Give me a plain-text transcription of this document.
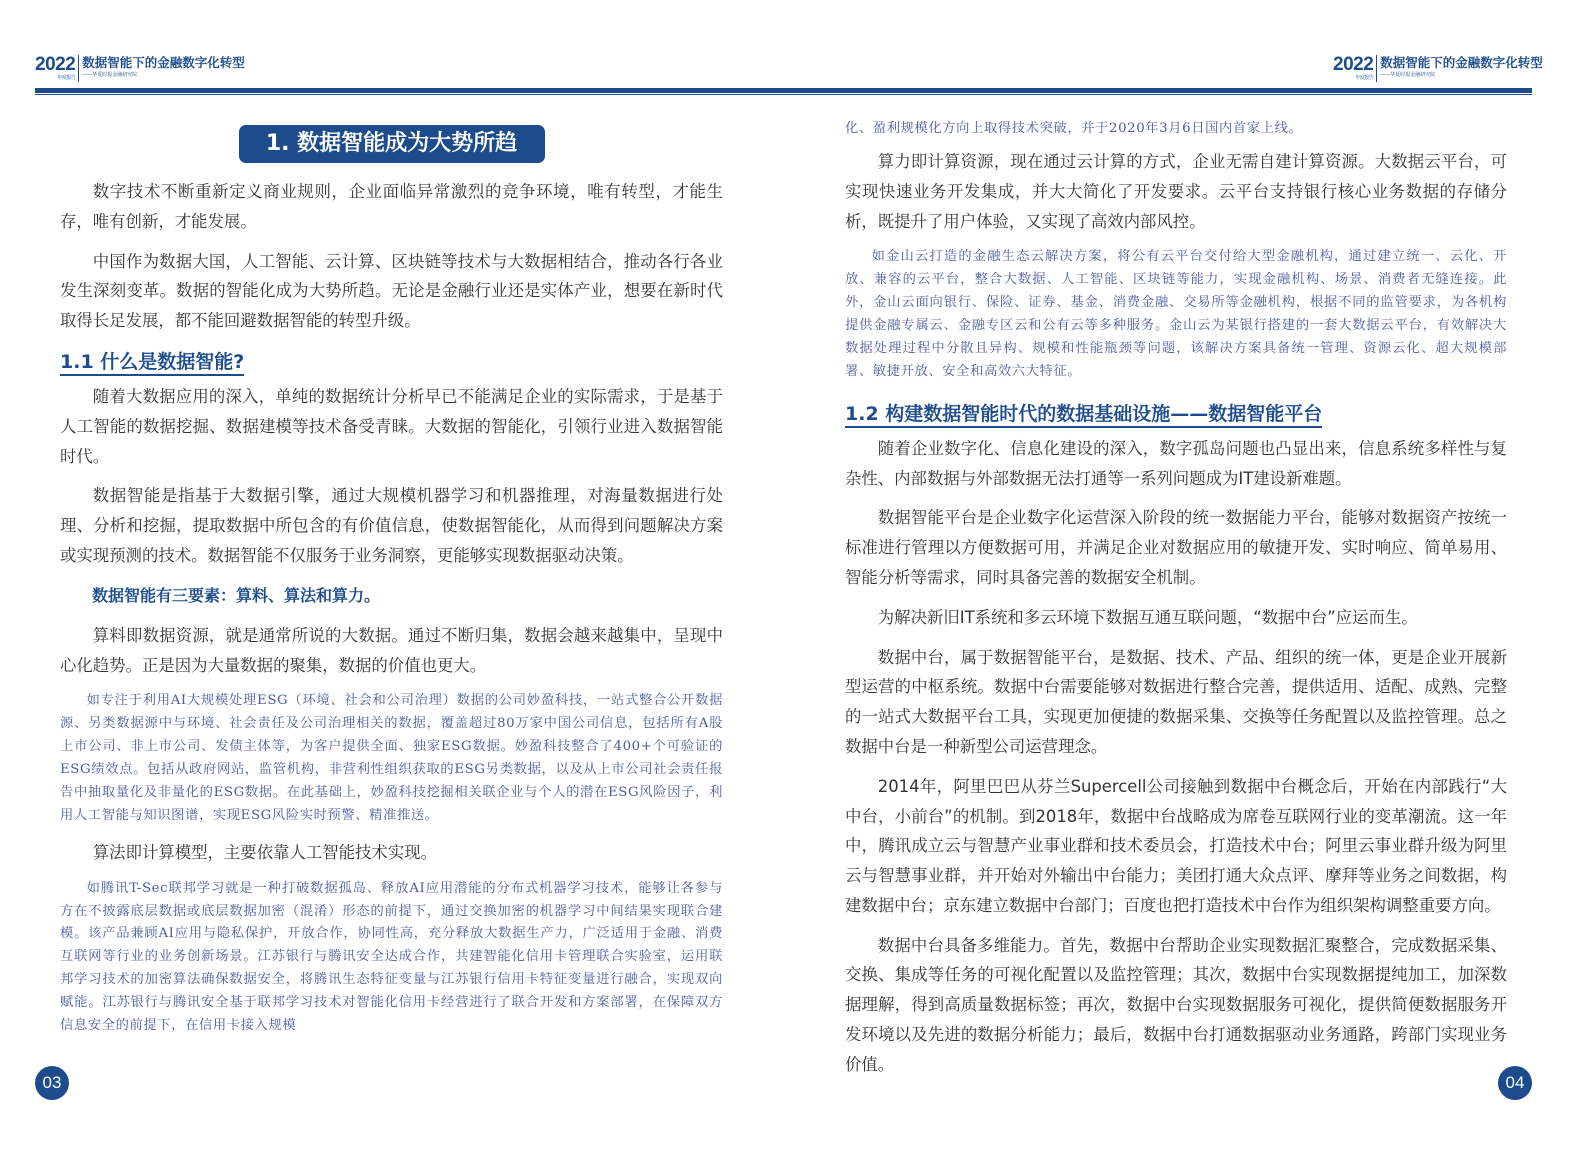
2022
年度报告
数据智能下的金融数字化转型
——华夏时报金融研究院	2022
年度报告
数据智能下的金融数字化转型
——华夏时报金融研究院
1. 数据智能成为大势所趋

数字技术不断重新定义商业规则，企业面临异常激烈的竞争环境，唯有转型，才能生存，唯有创新，才能发展。

中国作为数据大国，人工智能、云计算、区块链等技术与大数据相结合，推动各行各业发生深刻变革。数据的智能化成为大势所趋。无论是金融行业还是实体产业，想要在新时代取得长足发展，都不能回避数据智能的转型升级。

1.1 什么是数据智能?

随着大数据应用的深入，单纯的数据统计分析早已不能满足企业的实际需求，于是基于人工智能的数据挖掘、数据建模等技术备受青睐。大数据的智能化，引领行业进入数据智能时代。

数据智能是指基于大数据引擎，通过大规模机器学习和机器推理，对海量数据进行处理、分析和挖掘，提取数据中所包含的有价值信息，使数据智能化，从而得到问题解决方案或实现预测的技术。数据智能不仅服务于业务洞察，更能够实现数据驱动决策。

数据智能有三要素：算料、算法和算力。

算料即数据资源，就是通常所说的大数据。通过不断归集，数据会越来越集中，呈现中心化趋势。正是因为大量数据的聚集，数据的价值也更大。

如专注于利用AI大规模处理ESG（环境、社会和公司治理）数据的公司妙盈科技，一站式整合公开数据源、另类数据源中与环境、社会责任及公司治理相关的数据，覆盖超过80万家中国公司信息，包括所有A股上市公司、非上市公司、发债主体等，为客户提供全面、独家ESG数据。妙盈科技整合了400+个可验证的ESG绩效点。包括从政府网站，监管机构，非营利性组织获取的ESG另类数据，以及从上市公司社会责任报告中抽取量化及非量化的ESG数据。在此基础上，妙盈科技挖掘相关联企业与个人的潜在ESG风险因子，利用人工智能与知识图谱，实现ESG风险实时预警、精准推送。

算法即计算模型，主要依靠人工智能技术实现。

如腾讯T-Sec联邦学习就是一种打破数据孤岛、释放AI应用潜能的分布式机器学习技术，能够让各参与方在不披露底层数据或底层数据加密（混淆）形态的前提下，通过交换加密的机器学习中间结果实现联合建模。该产品兼顾AI应用与隐私保护，开放合作，协同性高，充分释放大数据生产力，广泛适用于金融、消费互联网等行业的业务创新场景。江苏银行与腾讯安全达成合作，共建智能化信用卡管理联合实验室，运用联邦学习技术的加密算法确保数据安全，将腾讯生态特征变量与江苏银行信用卡特征变量进行融合，实现双向赋能。江苏银行与腾讯安全基于联邦学习技术对智能化信用卡经营进行了联合开发和方案部署，在保障双方信息安全的前提下，在信用卡接入规模

化、盈利规模化方向上取得技术突破，并于2020年3月6日国内首家上线。

算力即计算资源，现在通过云计算的方式，企业无需自建计算资源。大数据云平台，可实现快速业务开发集成，并大大简化了开发要求。云平台支持银行核心业务数据的存储分析，既提升了用户体验，又实现了高效内部风控。

如金山云打造的金融生态云解决方案，将公有云平台交付给大型金融机构，通过建立统一、云化、开放、兼容的云平台，整合大数据、人工智能、区块链等能力，实现金融机构、场景、消费者无缝连接。此外，金山云面向银行、保险、证券、基金、消费金融、交易所等金融机构，根据不同的监管要求，为各机构提供金融专属云、金融专区云和公有云等多种服务。金山云为某银行搭建的一套大数据云平台，有效解决大数据处理过程中分散且异构、规模和性能瓶颈等问题，该解决方案具备统一管理、资源云化、超大规模部署、敏捷开放、安全和高效六大特征。

1.2 构建数据智能时代的数据基础设施——数据智能平台

随着企业数字化、信息化建设的深入，数字孤岛问题也凸显出来，信息系统多样性与复杂性、内部数据与外部数据无法打通等一系列问题成为IT建设新难题。

数据智能平台是企业数字化运营深入阶段的统一数据能力平台，能够对数据资产按统一标准进行管理以方便数据可用，并满足企业对数据应用的敏捷开发、实时响应、简单易用、智能分析等需求，同时具备完善的数据安全机制。

为解决新旧IT系统和多云环境下数据互通互联问题，“数据中台”应运而生。

数据中台，属于数据智能平台，是数据、技术、产品、组织的统一体，更是企业开展新型运营的中枢系统。数据中台需要能够对数据进行整合完善，提供适用、适配、成熟、完整的一站式大数据平台工具，实现更加便捷的数据采集、交换等任务配置以及监控管理。总之数据中台是一种新型公司运营理念。

2014年，阿里巴巴从芬兰Supercell公司接触到数据中台概念后，开始在内部践行“大中台，小前台”的机制。到2018年，数据中台战略成为席卷互联网行业的变革潮流。这一年中，腾讯成立云与智慧产业事业群和技术委员会，打造技术中台；阿里云事业群升级为阿里云与智慧事业群，并开始对外输出中台能力；美团打通大众点评、摩拜等业务之间数据，构建数据中台；京东建立数据中台部门；百度也把打造技术中台作为组织架构调整重要方向。

数据中台具备多维能力。首先，数据中台帮助企业实现数据汇聚整合，完成数据采集、交换、集成等任务的可视化配置以及监控管理；其次，数据中台实现数据提纯加工，加深数据理解，得到高质量数据标签；再次，数据中台实现数据服务可视化，提供简便数据服务开发环境以及先进的数据分析能力；最后，数据中台打通数据驱动业务通路，跨部门实现业务价值。

03	04
